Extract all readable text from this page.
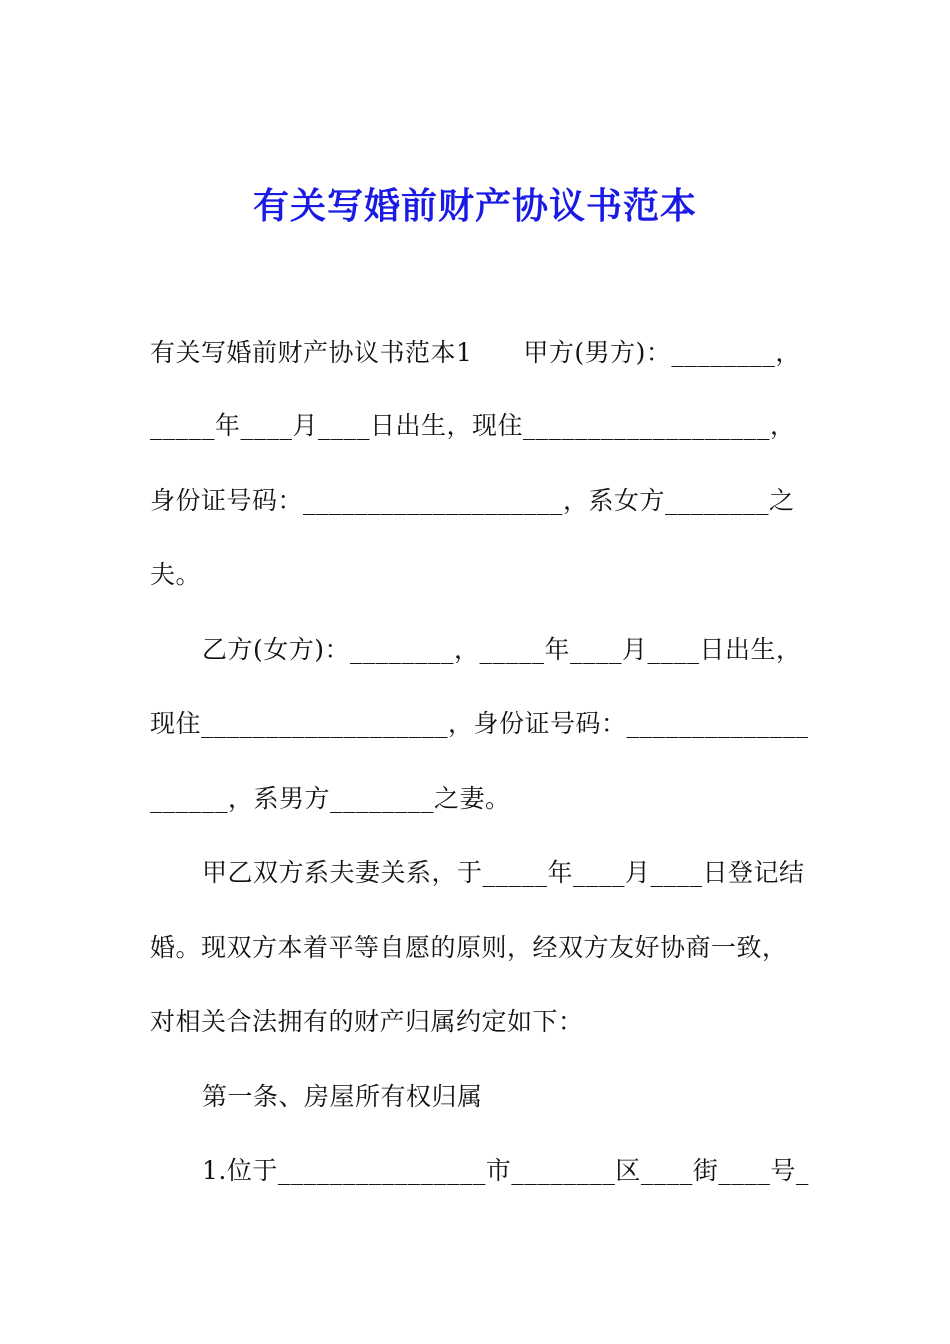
有关写婚前财产协议书范本
有关写婚前财产协议书范本1　　甲方(男方)：________，
_____年____月____日出生，现住___________________，
身份证号码：____________________，系女方________之
夫。
乙方(女方)：________，_____年____月____日出生，
现住___________________，身份证号码：______________
______，系男方________之妻。
甲乙双方系夫妻关系，于_____年____月____日登记结
婚。现双方本着平等自愿的原则，经双方友好协商一致，
对相关合法拥有的财产归属约定如下：
第一条、房屋所有权归属
1.位于________________市________区____街____号_
